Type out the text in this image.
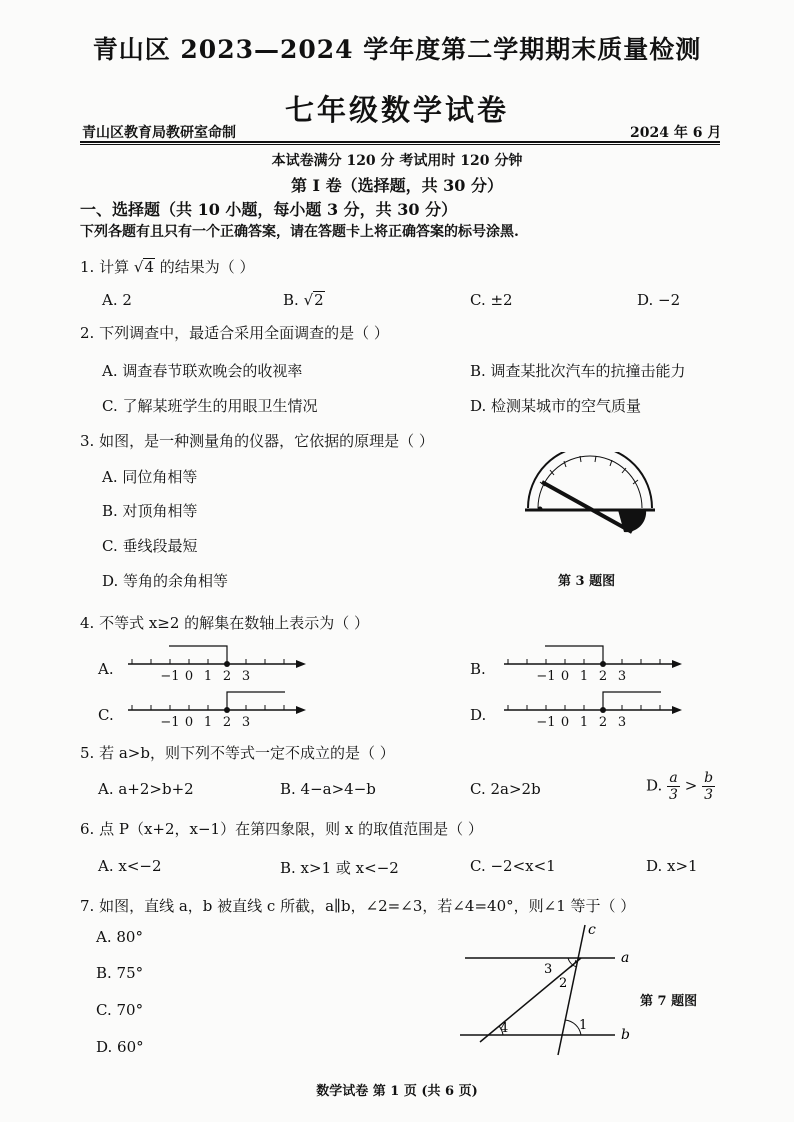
青山区 2023—2024 学年度第二学期期末质量检测
七年级数学试卷
青山区教育局教研室命制	2024 年 6 月
本试卷满分 120 分 考试用时 120 分钟
第 I 卷（选择题，共 30 分）
一、选择题（共 10 小题，每小题 3 分，共 30 分）
下列各题有且只有一个正确答案，请在答题卡上将正确答案的标号涂黑.
1. 计算 √4 的结果为（ ）
A. 2	B. √2	C. ±2	D. −2
2. 下列调查中，最适合采用全面调查的是（ ）
A. 调查春节联欢晚会的收视率	B. 调查某批次汽车的抗撞击能力
C. 了解某班学生的用眼卫生情况	D. 检测某城市的空气质量
3. 如图，是一种测量角的仪器，它依据的原理是（ ）
A. 同位角相等
B. 对顶角相等
C. 垂线段最短
D. 等角的余角相等	第 3 题图
4. 不等式 x≥2 的解集在数轴上表示为（ ）
A.	−1 0 1 2 3	B.	−1 0 1 2 3
C.	−1 0 1 2 3	D.	−1 0 1 2 3
5. 若 a>b，则下列不等式一定不成立的是（ ）
A. a+2>b+2	B. 4−a>4−b	C. 2a>2b	D. $\frac{a}{3} > \frac{b}{3}$
6. 点 P（x+2，x−1）在第四象限，则 x 的取值范围是（ ）
A. x<−2	B. x>1 或 x<−2	C. −2<x<1	D. x>1
7. 如图，直线 a，b 被直线 c 所截，a∥b，∠2=∠3，若∠4=40°，则∠1 等于（ ）
A. 80°
B. 75°
C. 70°
D. 60°
c
a
b
1
2
3
4
第 7 题图
数学试卷 第 1 页 (共 6 页)
